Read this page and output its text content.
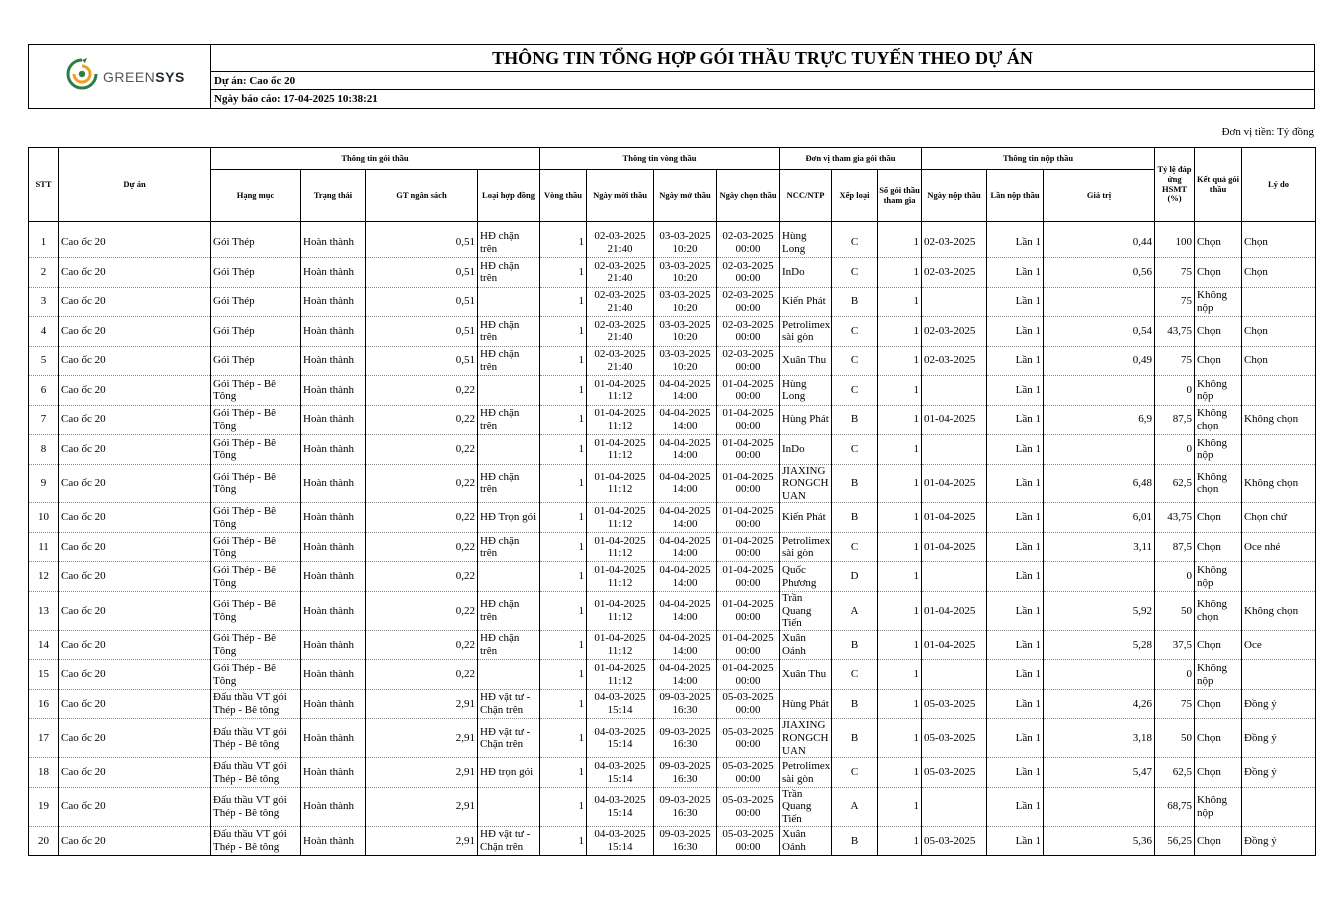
GREENSYS
THÔNG TIN TỔNG HỢP GÓI THẦU TRỰC TUYẾN THEO DỰ ÁN
Dự án: Cao ốc 20
Ngày báo cáo: 17-04-2025 10:38:21
Đơn vị tiền: Tỷ đồng
STT	Dự án	Thông tin gói thầu				Thông tin vòng thầu				Đơn vị tham gia gói thầu			Thông tin nộp thầu			Tỷ lệ đáp ứng HSMT (%)	Kết quả gói thầu	Lý do
		Hạng mục	Trạng thái	GT ngân sách	Loại hợp đồng	Vòng thầu	Ngày mời thầu	Ngày mở thầu	Ngày chọn thầu	NCC/NTP	Xếp loại	Số gói thầu tham gia	Ngày nộp thầu	Lần nộp thầu	Giá trị			

1	Cao ốc 20	Gói Thép	Hoàn thành	0,51	HĐ chặn trên	1	02-03-2025 21:40	03-03-2025 10:20	02-03-2025 00:00	Hùng Long	C	1	02-03-2025	Lần 1	0,44	100	Chọn	Chọn
2	Cao ốc 20	Gói Thép	Hoàn thành	0,51	HĐ chặn trên	1	02-03-2025 21:40	03-03-2025 10:20	02-03-2025 00:00	InDo	C	1	02-03-2025	Lần 1	0,56	75	Chọn	Chọn
3	Cao ốc 20	Gói Thép	Hoàn thành	0,51		1	02-03-2025 21:40	03-03-2025 10:20	02-03-2025 00:00	Kiến Phát	B	1		Lần 1		75	Không nộp	
4	Cao ốc 20	Gói Thép	Hoàn thành	0,51	HĐ chặn trên	1	02-03-2025 21:40	03-03-2025 10:20	02-03-2025 00:00	Petrolimex sài gòn	C	1	02-03-2025	Lần 1	0,54	43,75	Chọn	Chọn
5	Cao ốc 20	Gói Thép	Hoàn thành	0,51	HĐ chặn trên	1	02-03-2025 21:40	03-03-2025 10:20	02-03-2025 00:00	Xuân Thu	C	1	02-03-2025	Lần 1	0,49	75	Chọn	Chọn
6	Cao ốc 20	Gói Thép - Bê Tông	Hoàn thành	0,22		1	01-04-2025 11:12	04-04-2025 14:00	01-04-2025 00:00	Hùng Long	C	1		Lần 1		0	Không nộp	
7	Cao ốc 20	Gói Thép - Bê Tông	Hoàn thành	0,22	HĐ chặn trên	1	01-04-2025 11:12	04-04-2025 14:00	01-04-2025 00:00	Hùng Phát	B	1	01-04-2025	Lần 1	6,9	87,5	Không chọn	Không chọn
8	Cao ốc 20	Gói Thép - Bê Tông	Hoàn thành	0,22		1	01-04-2025 11:12	04-04-2025 14:00	01-04-2025 00:00	InDo	C	1		Lần 1		0	Không nộp	
9	Cao ốc 20	Gói Thép - Bê Tông	Hoàn thành	0,22	HĐ chặn trên	1	01-04-2025 11:12	04-04-2025 14:00	01-04-2025 00:00	JIAXING RONGCH UAN	B	1	01-04-2025	Lần 1	6,48	62,5	Không chọn	Không chọn
10	Cao ốc 20	Gói Thép - Bê Tông	Hoàn thành	0,22	HĐ Trọn gói	1	01-04-2025 11:12	04-04-2025 14:00	01-04-2025 00:00	Kiến Phát	B	1	01-04-2025	Lần 1	6,01	43,75	Chọn	Chọn chứ
11	Cao ốc 20	Gói Thép - Bê Tông	Hoàn thành	0,22	HĐ chặn trên	1	01-04-2025 11:12	04-04-2025 14:00	01-04-2025 00:00	Petrolimex sài gòn	C	1	01-04-2025	Lần 1	3,11	87,5	Chọn	Oce nhé
12	Cao ốc 20	Gói Thép - Bê Tông	Hoàn thành	0,22		1	01-04-2025 11:12	04-04-2025 14:00	01-04-2025 00:00	Quốc Phương	D	1		Lần 1		0	Không nộp	
13	Cao ốc 20	Gói Thép - Bê Tông	Hoàn thành	0,22	HĐ chặn trên	1	01-04-2025 11:12	04-04-2025 14:00	01-04-2025 00:00	Trần Quang Tiến	A	1	01-04-2025	Lần 1	5,92	50	Không chọn	Không chọn
14	Cao ốc 20	Gói Thép - Bê Tông	Hoàn thành	0,22	HĐ chặn trên	1	01-04-2025 11:12	04-04-2025 14:00	01-04-2025 00:00	Xuân Oánh	B	1	01-04-2025	Lần 1	5,28	37,5	Chọn	Oce
15	Cao ốc 20	Gói Thép - Bê Tông	Hoàn thành	0,22		1	01-04-2025 11:12	04-04-2025 14:00	01-04-2025 00:00	Xuân Thu	C	1		Lần 1		0	Không nộp	
16	Cao ốc 20	Đấu thầu VT gói Thép - Bê tông	Hoàn thành	2,91	HĐ vật tư - Chặn trên	1	04-03-2025 15:14	09-03-2025 16:30	05-03-2025 00:00	Hùng Phát	B	1	05-03-2025	Lần 1	4,26	75	Chọn	Đồng ý
17	Cao ốc 20	Đấu thầu VT gói Thép - Bê tông	Hoàn thành	2,91	HĐ vật tư - Chặn trên	1	04-03-2025 15:14	09-03-2025 16:30	05-03-2025 00:00	JIAXING RONGCH UAN	B	1	05-03-2025	Lần 1	3,18	50	Chọn	Đồng ý
18	Cao ốc 20	Đấu thầu VT gói Thép - Bê tông	Hoàn thành	2,91	HĐ trọn gói	1	04-03-2025 15:14	09-03-2025 16:30	05-03-2025 00:00	Petrolimex sài gòn	C	1	05-03-2025	Lần 1	5,47	62,5	Chọn	Đồng ý
19	Cao ốc 20	Đấu thầu VT gói Thép - Bê tông	Hoàn thành	2,91		1	04-03-2025 15:14	09-03-2025 16:30	05-03-2025 00:00	Trần Quang Tiến	A	1		Lần 1		68,75	Không nộp	
20	Cao ốc 20	Đấu thầu VT gói Thép - Bê tông	Hoàn thành	2,91	HĐ vật tư - Chặn trên	1	04-03-2025 15:14	09-03-2025 16:30	05-03-2025 00:00	Xuân Oánh	B	1	05-03-2025	Lần 1	5,36	56,25	Chọn	Đồng ý
